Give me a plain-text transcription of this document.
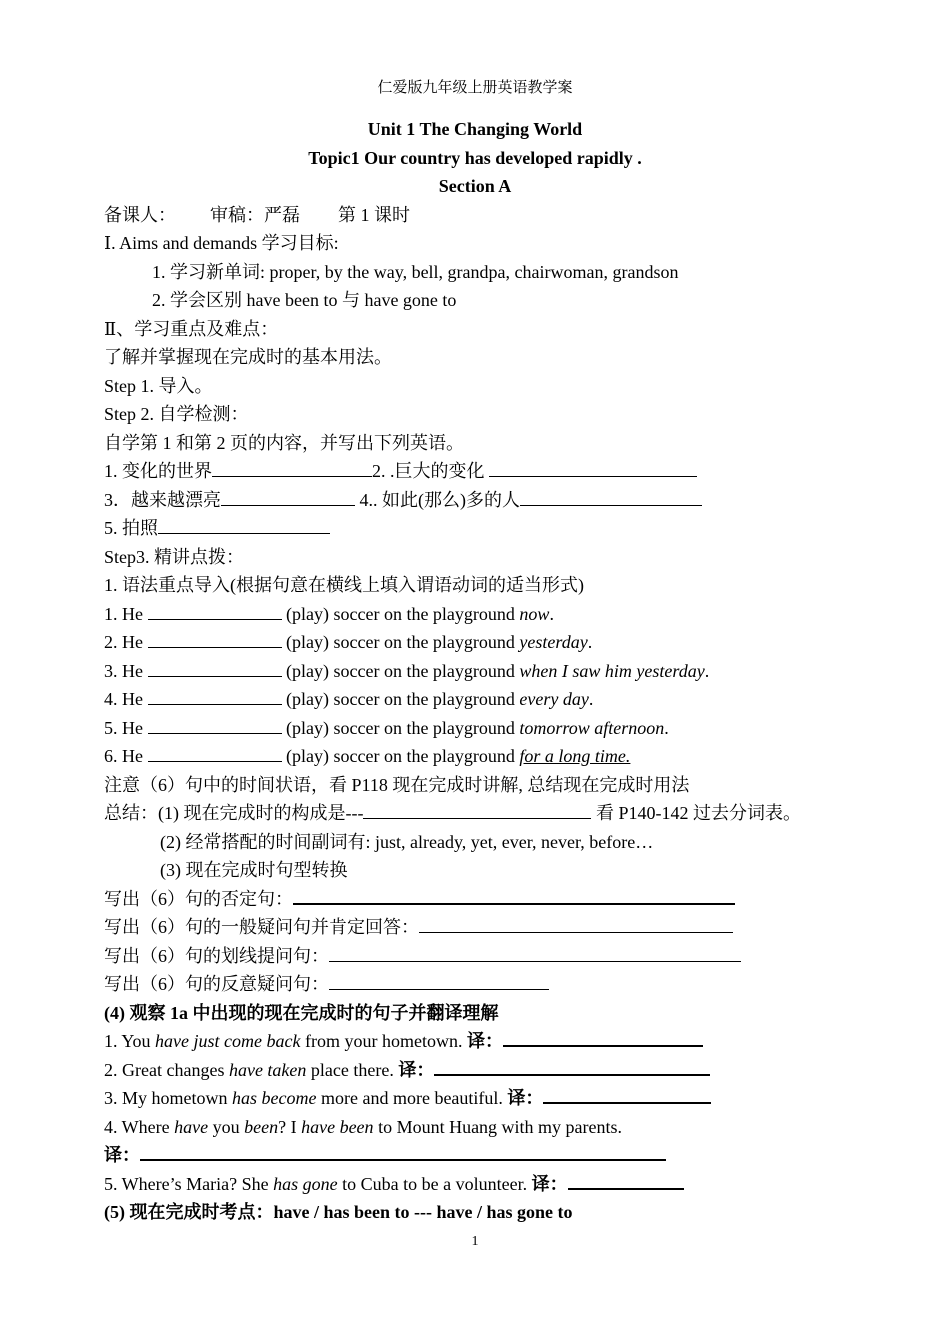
仁爱版九年级上册英语教学案
Unit 1 The Changing World
Topic1 Our country has developed rapidly .
Section A
备课人： 审稿：严磊 第 1 课时
Ⅰ. Aims and demands 学习目标:
1. 学习新单词: proper, by the way, bell, grandpa, chairwoman, grandson
2. 学会区别 have been to 与 have gone to
Ⅱ、学习重点及难点：
了解并掌握现在完成时的基本用法。
Step 1. 导入。
Step 2. 自学检测：
自学第 1 和第 2 页的内容，并写出下列英语。
1. 变化的世界	2. .巨大的变化
3．越来越漂亮	4.. 如此(那么)多的人
5. 拍照
Step3. 精讲点拨：
1. 语法重点导入(根据句意在横线上填入谓语动词的适当形式)
1. He	(play) soccer on the playground now.
2. He	(play) soccer on the playground yesterday.
3. He	(play) soccer on the playground when I saw him yesterday.
4. He	(play) soccer on the playground every day.
5. He	(play) soccer on the playground tomorrow afternoon.
6. He	(play) soccer on the playground for a long time.
注意（6）句中的时间状语，看 P118 现在完成时讲解, 总结现在完成时用法
总结：(1) 现在完成时的构成是---	看 P140-142 过去分词表。
(2) 经常搭配的时间副词有: just, already, yet, ever, never, before…
(3) 现在完成时句型转换
写出（6）句的否定句：
写出（6）句的一般疑问句并肯定回答：
写出（6）句的划线提问句：
写出（6）句的反意疑问句：
(4) 观察 1a 中出现的现在完成时的句子并翻译理解
1. You have just come back from your hometown. 译：
2. Great changes have taken place there. 译：
3. My hometown has become more and more beautiful. 译：
4. Where have you been? I have been to Mount Huang with my parents.
译：
5. Where’s Maria? She has gone to Cuba to be a volunteer. 译：
(5) 现在完成时考点：have / has been to --- have / has gone to
1
